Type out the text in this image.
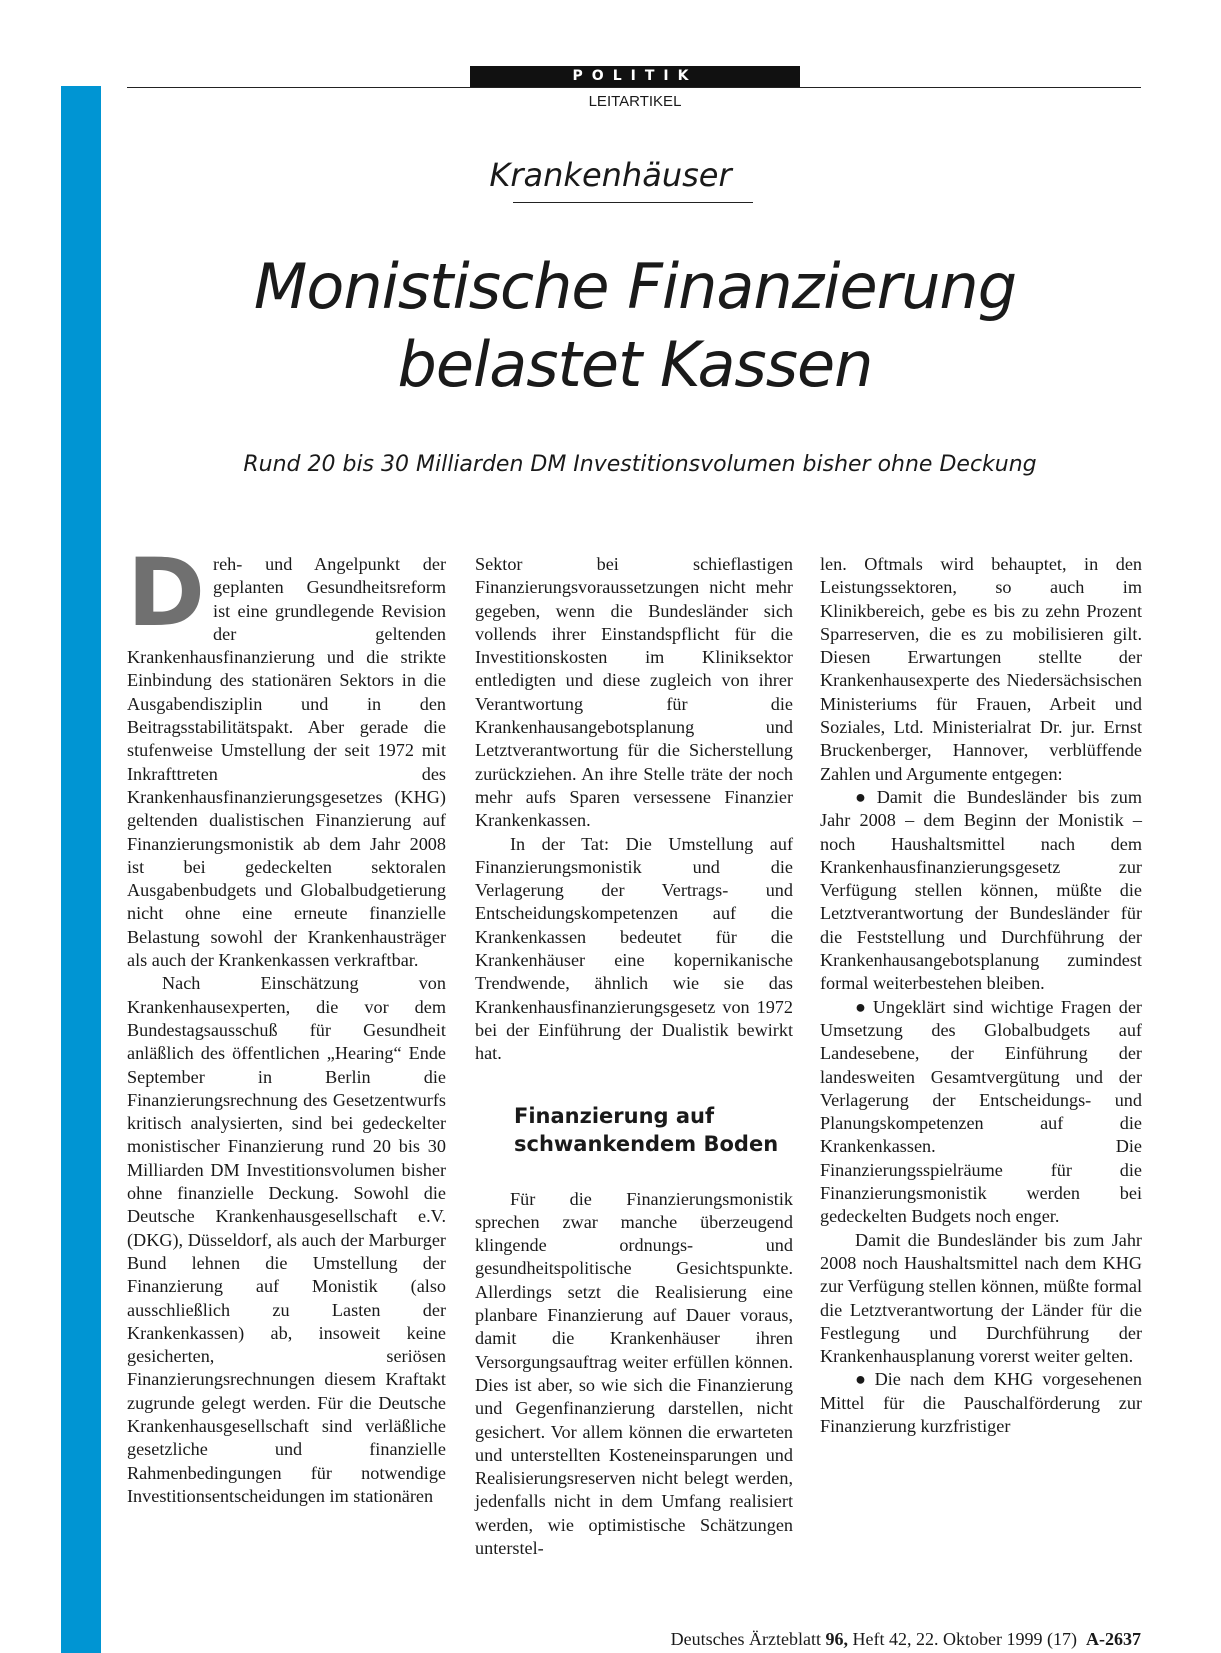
POLITIK
LEITARTIKEL
Krankenhäuser
Monistische Finanzierung
belastet Kassen
Rund 20 bis 30 Milliarden DM Investitionsvolumen bisher ohne Deckung

Dreh- und Angelpunkt der geplanten Gesundheitsreform ist eine grundlegende Revision der geltenden Krankenhausfinanzierung und die strikte Einbindung des stationären Sektors in die Ausgabendisziplin und in den Beitragsstabilitätspakt. Aber gerade die stufenweise Umstellung der seit 1972 mit Inkrafttreten des Krankenhausfinanzierungsgesetzes (KHG) geltenden dualistischen Finanzierung auf Finanzierungsmonistik ab dem Jahr 2008 ist bei gedeckelten sektoralen Ausgabenbudgets und Globalbudgetierung nicht ohne eine erneute finanzielle Belastung sowohl der Krankenhausträger als auch der Krankenkassen verkraftbar.

Nach Einschätzung von Krankenhausexperten, die vor dem Bundestagsausschuß für Gesundheit anläßlich des öffentlichen „Hearing“ Ende September in Berlin die Finanzierungsrechnung des Gesetzentwurfs kritisch analysierten, sind bei gedeckelter monistischer Finanzierung rund 20 bis 30 Milliarden DM Investitionsvolumen bisher ohne finanzielle Deckung. Sowohl die Deutsche Krankenhausgesellschaft e.V. (DKG), Düsseldorf, als auch der Marburger Bund lehnen die Umstellung der Finanzierung auf Monistik (also ausschließlich zu Lasten der Krankenkassen) ab, insoweit keine gesicherten, seriösen Finanzierungsrechnungen diesem Kraftakt zugrunde gelegt werden. Für die Deutsche Krankenhausgesellschaft sind verläßliche gesetzliche und finanzielle Rahmenbedingungen für notwendige Investitionsentscheidungen im stationären

Sektor bei schieflastigen Finanzierungsvoraussetzungen nicht mehr gegeben, wenn die Bundesländer sich vollends ihrer Einstandspflicht für die Investitionskosten im Kliniksektor entledigten und diese zugleich von ihrer Verantwortung für die Krankenhausangebotsplanung und Letztverantwortung für die Sicherstellung zurückziehen. An ihre Stelle träte der noch mehr aufs Sparen versessene Finanzier Krankenkassen.

In der Tat: Die Umstellung auf Finanzierungsmonistik und die Verlagerung der Vertrags- und Entscheidungskompetenzen auf die Krankenkassen bedeutet für die Krankenhäuser eine kopernikanische Trendwende, ähnlich wie sie das Krankenhausfinanzierungsgesetz von 1972 bei der Einführung der Dualistik bewirkt hat.

Finanzierung auf
schwankendem Boden

Für die Finanzierungsmonistik sprechen zwar manche überzeugend klingende ordnungs- und gesundheitspolitische Gesichtspunkte. Allerdings setzt die Realisierung eine planbare Finanzierung auf Dauer voraus, damit die Krankenhäuser ihren Versorgungsauftrag weiter erfüllen können. Dies ist aber, so wie sich die Finanzierung und Gegenfinanzierung darstellen, nicht gesichert. Vor allem können die erwarteten und unterstellten Kosteneinsparungen und Realisierungsreserven nicht belegt werden, jedenfalls nicht in dem Umfang realisiert werden, wie optimistische Schätzungen unterstel-

len. Oftmals wird behauptet, in den Leistungssektoren, so auch im Klinikbereich, gebe es bis zu zehn Prozent Sparreserven, die es zu mobilisieren gilt. Diesen Erwartungen stellte der Krankenhausexperte des Niedersächsischen Ministeriums für Frauen, Arbeit und Soziales, Ltd. Ministerialrat Dr. jur. Ernst Bruckenberger, Hannover, verblüffende Zahlen und Argumente entgegen:

● Damit die Bundesländer bis zum Jahr 2008 – dem Beginn der Monistik – noch Haushaltsmittel nach dem Krankenhausfinanzierungsgesetz zur Verfügung stellen können, müßte die Letztverantwortung der Bundesländer für die Feststellung und Durchführung der Krankenhausangebotsplanung zumindest formal weiterbestehen bleiben.

● Ungeklärt sind wichtige Fragen der Umsetzung des Globalbudgets auf Landesebene, der Einführung der landesweiten Gesamtvergütung und der Verlagerung der Entscheidungs- und Planungskompetenzen auf die Krankenkassen. Die Finanzierungsspielräume für die Finanzierungsmonistik werden bei gedeckelten Budgets noch enger.

Damit die Bundesländer bis zum Jahr 2008 noch Haushaltsmittel nach dem KHG zur Verfügung stellen können, müßte formal die Letztverantwortung der Länder für die Festlegung und Durchführung der Krankenhausplanung vorerst weiter gelten.

● Die nach dem KHG vorgesehenen Mittel für die Pauschalförderung zur Finanzierung kurzfristiger

Deutsches Ärzteblatt 96, Heft 42, 22. Oktober 1999 (17) A-2637
